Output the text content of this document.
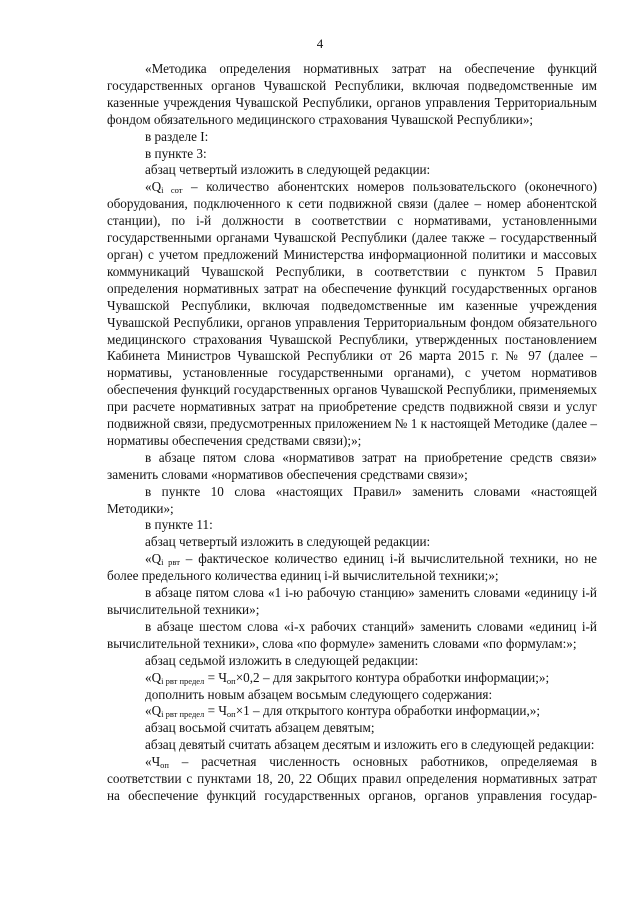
4

«Методика определения нормативных затрат на обеспечение функций государственных органов Чувашской Республики, включая подведомственные им казенные учреждения Чувашской Республики, органов управления Территориальным фондом обязательного медицинского страхования Чувашской Республики»;

в разделе I:

в пункте 3:

абзац четвертый изложить в следующей редакции:

«$Q_{i сот}$ – количество абонентских номеров пользовательского (оконечного) оборудования, подключенного к сети подвижной связи (далее – номер абонентской станции), по i-й должности в соответствии с нормативами, установленными государственными органами Чувашской Республики (далее также – государственный орган) с учетом предложений Министерства информационной политики и массовых коммуникаций Чувашской Республики, в соответствии с пунктом 5 Правил определения нормативных затрат на обеспечение функций государственных органов Чувашской Республики, включая подведомственные им казенные учреждения Чувашской Республики, органов управления Территориальным фондом обязательного медицинского страхования Чувашской Республики, утвержденных постановлением Кабинета Министров Чувашской Республики от 26 марта 2015 г. № 97 (далее – нормативы, установленные государственными органами), с учетом нормативов обеспечения функций государственных органов Чувашской Республики, применяемых при расчете нормативных затрат на приобретение средств подвижной связи и услуг подвижной связи, предусмотренных приложением № 1 к настоящей Методике (далее – нормативы обеспечения средствами связи);»;

в абзаце пятом слова «нормативов затрат на приобретение средств связи» заменить словами «нормативов обеспечения средствами связи»;

в пункте 10 слова «настоящих Правил» заменить словами «настоящей Методики»;

в пункте 11:

абзац четвертый изложить в следующей редакции:

«$Q_{i рвт}$ – фактическое количество единиц i-й вычислительной техники, но не более предельного количества единиц i-й вычислительной техники;»;

в абзаце пятом слова «1 i-ю рабочую станцию» заменить словами «единицу i-й вычислительной техники»;

в абзаце шестом слова «i-х рабочих станций» заменить словами «единиц i-й вычислительной техники», слова «по формуле» заменить словами «по формулам:»;

абзац седьмой изложить в следующей редакции:

«$Q_{i рвт предел} = Ч_{оп}\times 0,2$ – для закрытого контура обработки информации;»;

дополнить новым абзацем восьмым следующего содержания:

«$Q_{i рвт предел} = Ч_{оп}\times 1$ – для открытого контура обработки информации,»;

абзац восьмой считать абзацем девятым;

абзац девятый считать абзацем десятым и изложить его в следующей редакции:

«$Ч_{оп}$ – расчетная численность основных работников, определяемая в соответствии с пунктами 18, 20, 22 Общих правил определения нормативных затрат на обеспечение функций государственных органов, органов управления государ-
